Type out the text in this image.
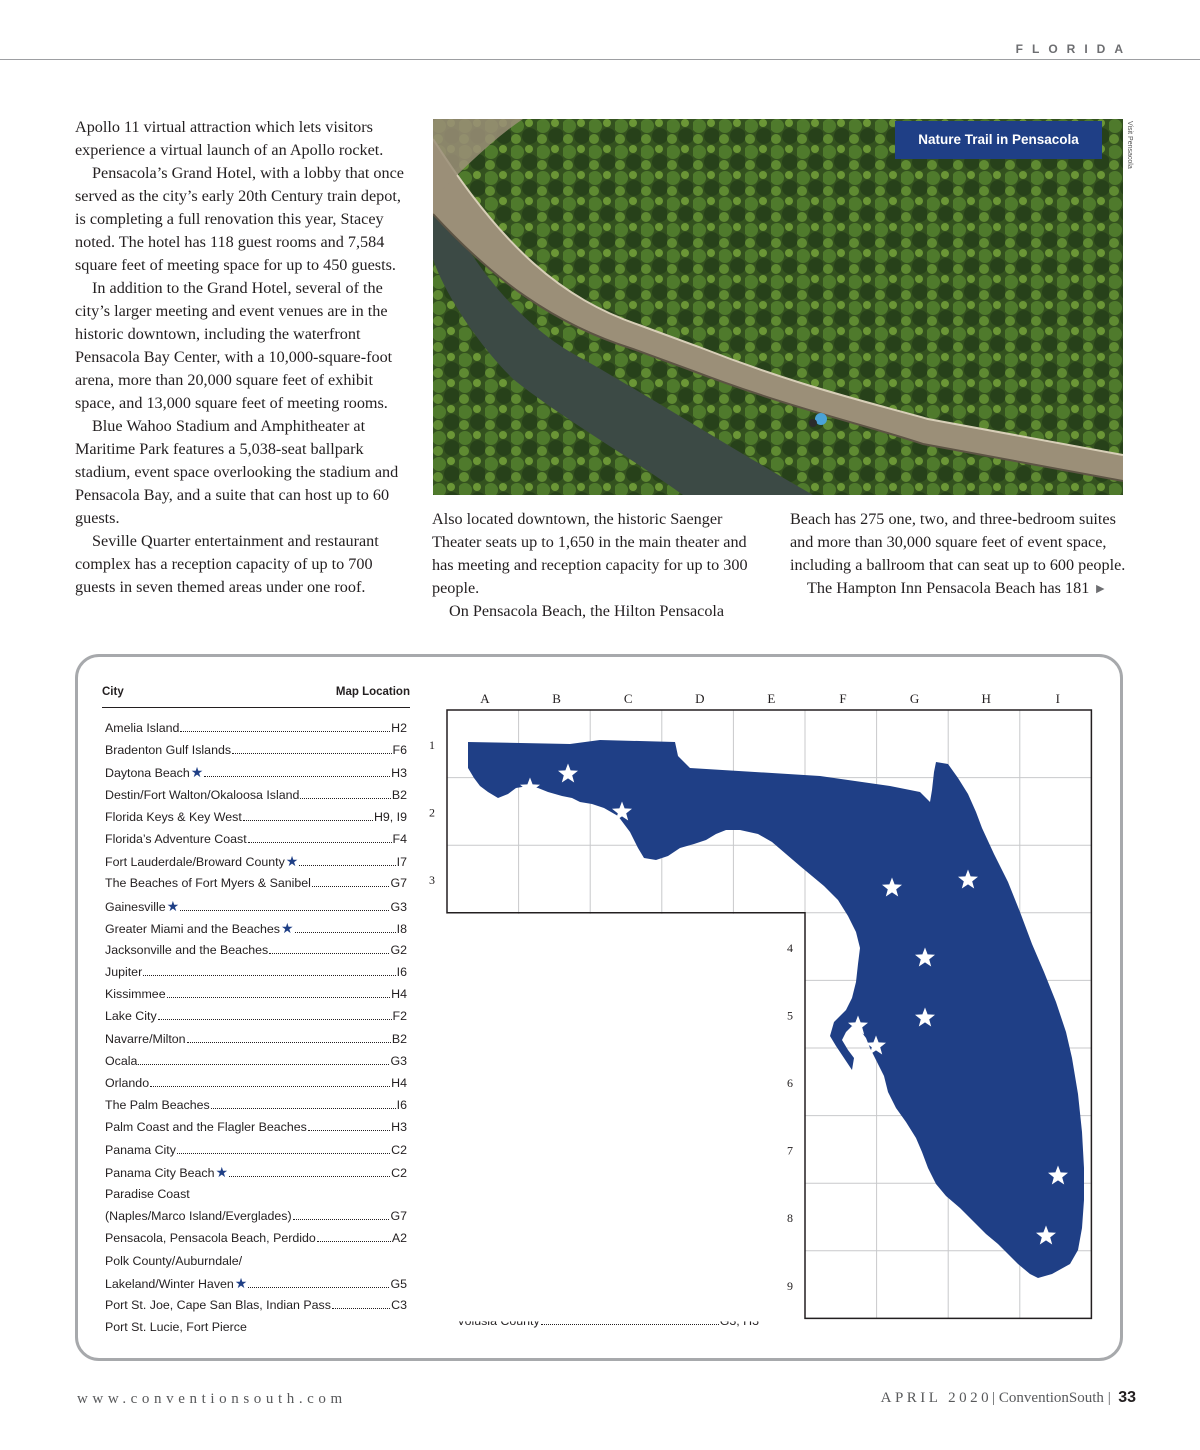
FLORIDA

Apollo 11 virtual attraction which lets visitors experience a virtual launch of an Apollo rocket.

Pensacola’s Grand Hotel, with a lobby that once served as the city’s early 20th Century train depot, is completing a full renovation this year, Stacey noted. The hotel has 118 guest rooms and 7,584 square feet of meeting space for up to 450 guests.

In addition to the Grand Hotel, several of the city’s larger meeting and event venues are in the historic downtown, including the waterfront Pensacola Bay Center, with a 10,000-square-foot arena, more than 20,000 square feet of exhibit space, and 13,000 square feet of meeting rooms.

Blue Wahoo Stadium and Amphitheater at Maritime Park features a 5,038-seat ballpark stadium, event space overlooking the stadium and Pensacola Bay, and a suite that can host up to 60 guests.

Seville Quarter entertainment and restaurant complex has a reception capacity of up to 700 guests in seven themed areas under one roof.

Nature Trail in Pensacola	Visit Pensacola

Also located downtown, the historic Saenger Theater seats up to 1,650 in the main theater and has meeting and reception capacity for up to 300 people.

On Pensacola Beach, the Hilton Pensacola

Beach has 275 one, two, and three-bedroom suites and more than 30,000 square feet of event space, including a ballroom that can seat up to 600 people.

The Hampton Inn Pensacola Beach has 181 ►

City	Map Location
Amelia Island	H2
Bradenton Gulf Islands	F6
Daytona Beach ★	H3
Destin/Fort Walton/Okaloosa Island	B2
Florida Keys & Key West	H9, I9
Florida’s Adventure Coast	F4
Fort Lauderdale/Broward County ★	I7
The Beaches of Fort Myers & Sanibel	G7
Gainesville ★	G3
Greater Miami and the Beaches ★	I8
Jacksonville and the Beaches	G2
Jupiter	I6
Kissimmee	H4
Lake City	F2
Navarre/Milton	B2
Ocala	G3
Orlando	H4
The Palm Beaches	I6
Palm Coast and the Flagler Beaches	H3
Panama City	C2
Panama City Beach ★	C2
Paradise Coast
(Naples/Marco Island/Everglades)	G7
Pensacola, Pensacola Beach, Perdido	A2
Polk County/Auburndale/
Lakeland/Winter Haven ★	G5
Port St. Joe, Cape San Blas, Indian Pass	C3
Port St. Lucie, Fort Pierce
A	B	C	D	E	F	G	H	I
1
2
3
4
5
6
7
8
9
www.conventionsouth.com	APRIL 2020| ConventionSouth | 33
